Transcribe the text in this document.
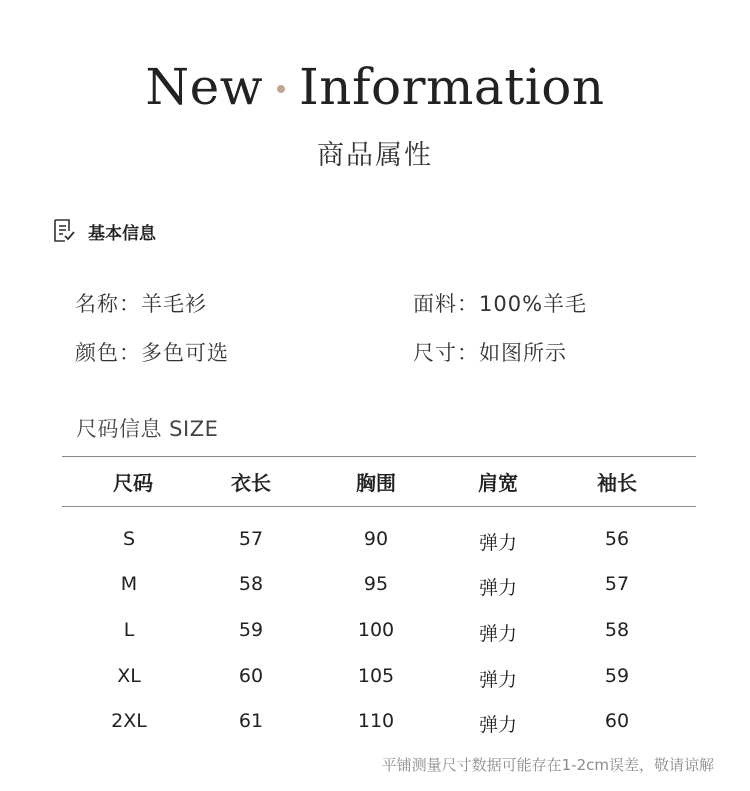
New Information
商品属性
基本信息
名称：羊毛衫	面料：100%羊毛
颜色：多色可选	尺寸：如图所示
尺码信息 SIZE
尺码	衣长	胸围	肩宽	袖长
S	57	90	弹力	56
M	58	95	弹力	57
L	59	100	弹力	58
XL	60	105	弹力	59
2XL	61	110	弹力	60
平铺测量尺寸数据可能存在1-2cm误差，敬请谅解
